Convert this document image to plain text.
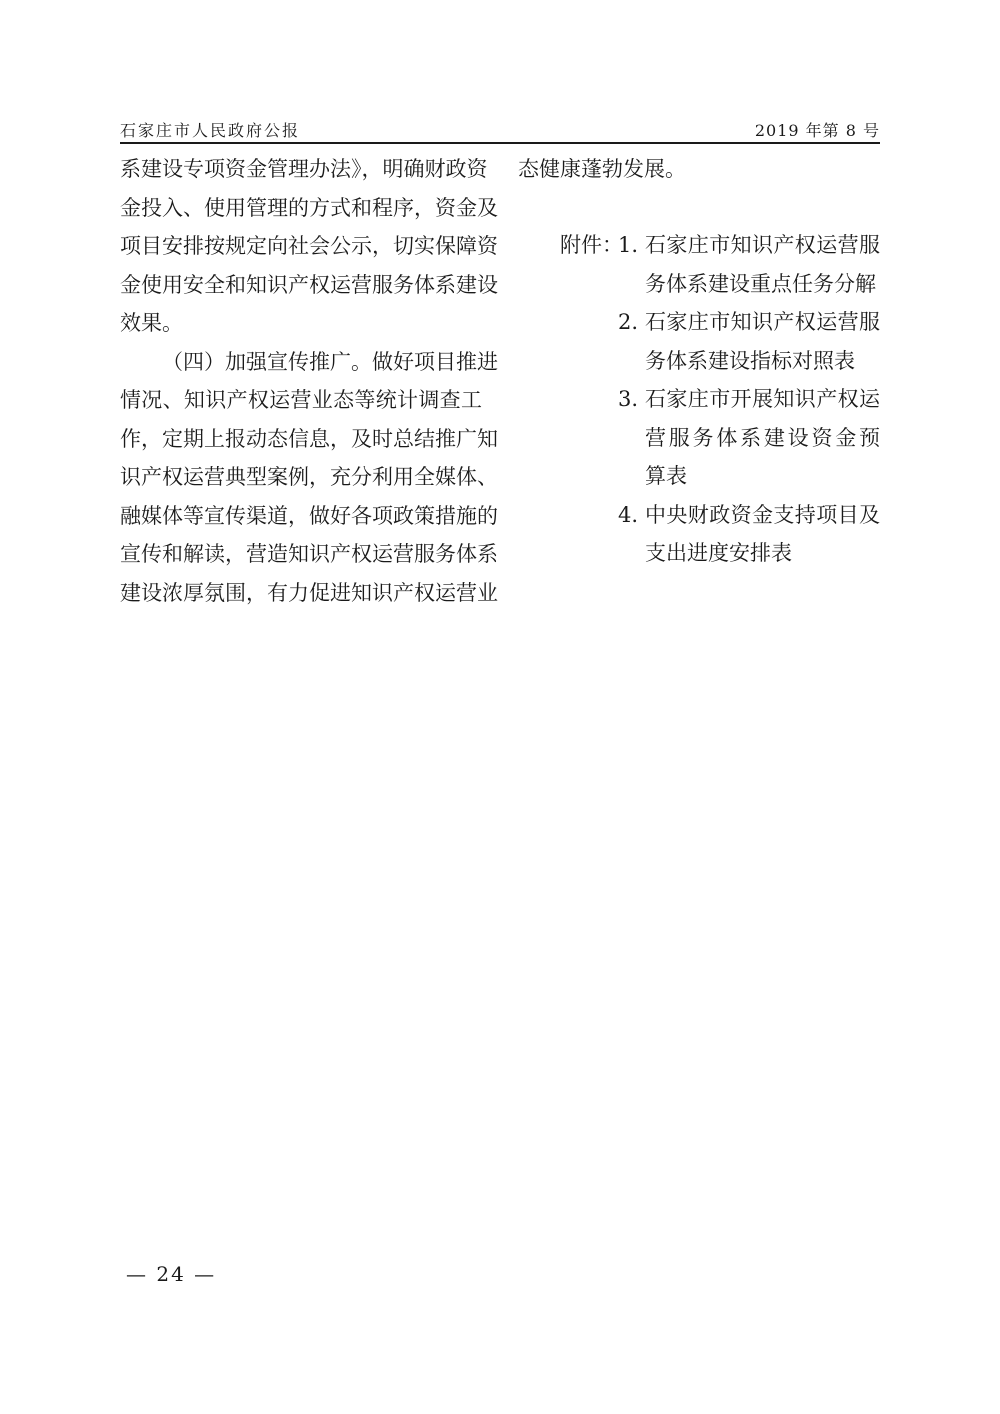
石家庄市人民政府公报	2019 年第 8 号
系建设专项资金管理办法》，明确财政资
金投入、使用管理的方式和程序，资金及
项目安排按规定向社会公示，切实保障资
金使用安全和知识产权运营服务体系建设
效果。
（四）加强宣传推广。做好项目推进
情况、知识产权运营业态等统计调查工
作，定期上报动态信息，及时总结推广知
识产权运营典型案例，充分利用全媒体、
融媒体等宣传渠道，做好各项政策措施的
宣传和解读，营造知识产权运营服务体系
建设浓厚氛围，有力促进知识产权运营业
态健康蓬勃发展。
附件：
1. 石家庄市知识产权运营服
务体系建设重点任务分解
2. 石家庄市知识产权运营服
务体系建设指标对照表
3. 石家庄市开展知识产权运
营服务体系建设资金预
算表
4. 中央财政资金支持项目及
支出进度安排表
— 24 —
